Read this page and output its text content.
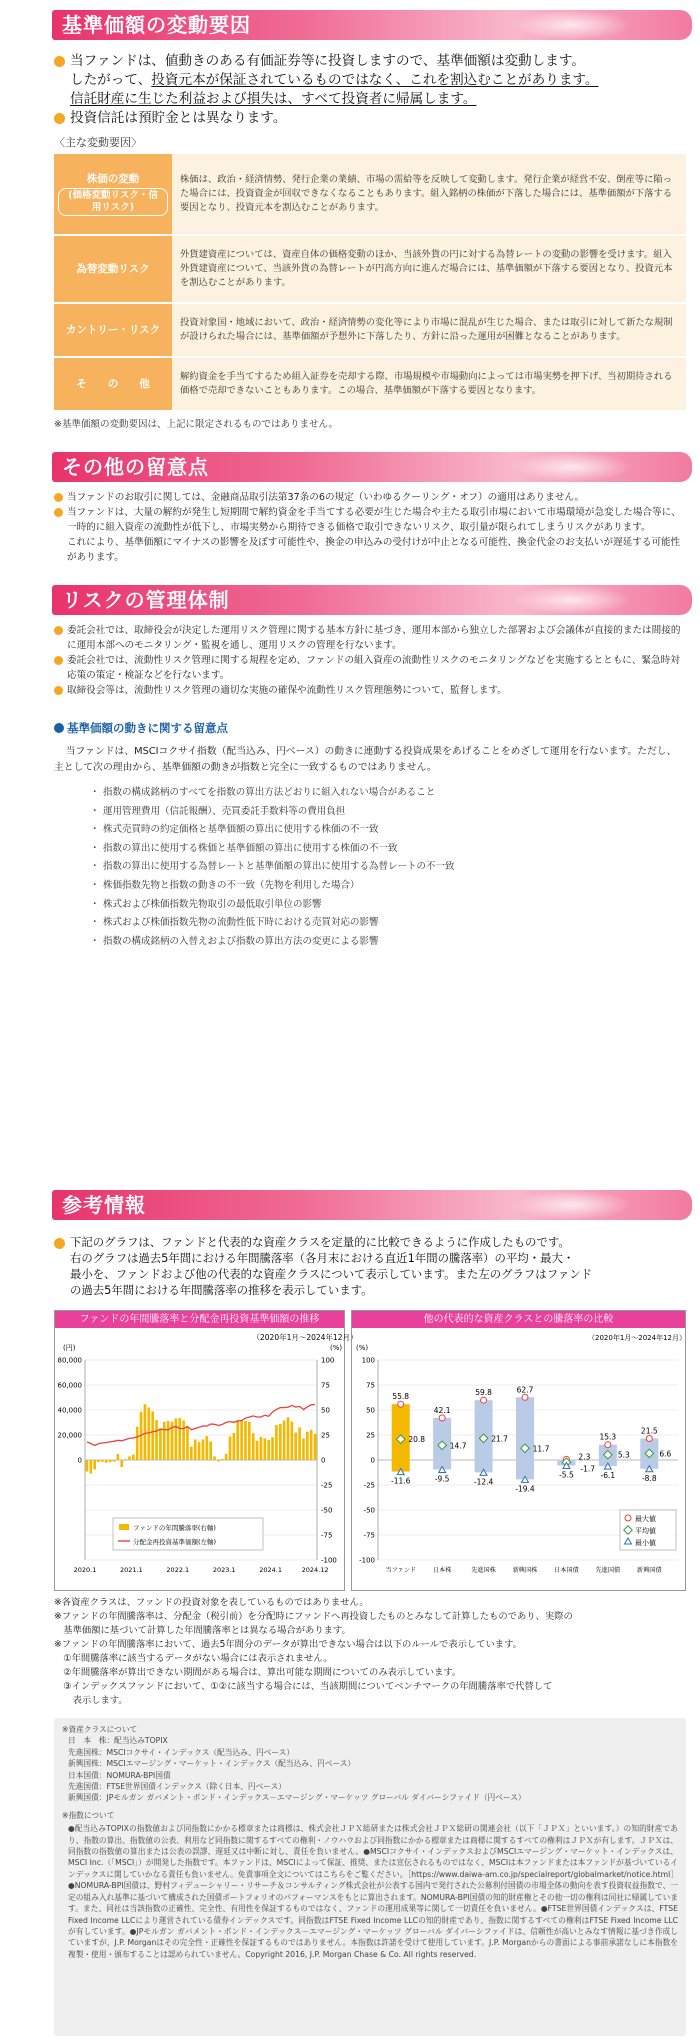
基準価額の変動要因

当ファンドは、値動きのある有価証券等に投資しますので、基準価額は変動します。

したがって、投資元本が保証されているものではなく、これを割込むことがあります。

信託財産に生じた利益および損失は、すべて投資者に帰属します。

投資信託は預貯金とは異なります。

〈主な変動要因〉
株価の変動
(価格変動リスク・信用リスク)	株価は、政治・経済情勢、発行企業の業績、市場の需給等を反映して変動します。発行企業が経営不安、倒産等に陥った場合には、投資資金が回収できなくなることもあります。組入銘柄の株価が下落した場合には、基準価額が下落する要因となり、投資元本を割込むことがあります。
為替変動リスク	外貨建資産については、資産自体の価格変動のほか、当該外貨の円に対する為替レートの変動の影響を受けます。組入外貨建資産について、当該外貨の為替レートが円高方向に進んだ場合には、基準価額が下落する要因となり、投資元本を割込むことがあります。
カントリー・リスク	投資対象国・地域において、政治・経済情勢の変化等により市場に混乱が生じた場合、または取引に対して新たな規制が設けられた場合には、基準価額が予想外に下落したり、方針に沿った運用が困難となることがあります。
そ　　の　　他	解約資金を手当てするため組入証券を売却する際、市場規模や市場動向によっては市場実勢を押下げ、当初期待される価格で売却できないこともあります。この場合、基準価額が下落する要因となります。
※基準価額の変動要因は、上記に限定されるものではありません。
その他の留意点
当ファンドのお取引に関しては、金融商品取引法第37条の6の規定（いわゆるクーリング・オフ）の適用はありません。
当ファンドは、大量の解約が発生し短期間で解約資金を手当てする必要が生じた場合や主たる取引市場において市場環境が急変した場合等に、一時的に組入資産の流動性が低下し、市場実勢から期待できる価格で取引できないリスク、取引量が限られてしまうリスクがあります。
これにより、基準価額にマイナスの影響を及ぼす可能性や、換金の申込みの受付けが中止となる可能性、換金代金のお支払いが遅延する可能性があります。
リスクの管理体制
委託会社では、取締役会が決定した運用リスク管理に関する基本方針に基づき、運用本部から独立した部署および会議体が直接的または間接的に運用本部へのモニタリング・監視を通し、運用リスクの管理を行ないます。
委託会社では、流動性リスク管理に関する規程を定め、ファンドの組入資産の流動性リスクのモニタリングなどを実施するとともに、緊急時対応策の策定・検証などを行ないます。
取締役会等は、流動性リスク管理の適切な実施の確保や流動性リスク管理態勢について、監督します。
基準価額の動きに関する留意点
当ファンドは、MSCIコクサイ指数（配当込み、円ベース）の動きに連動する投資成果をあげることをめざして運用を行ないます。ただし、主として次の理由から、基準価額の動きが指数と完全に一致するものではありません。
・ 指数の構成銘柄のすべてを指数の算出方法どおりに組入れない場合があること
・ 運用管理費用（信託報酬）、売買委託手数料等の費用負担
・ 株式売買時の約定価格と基準価額の算出に使用する株価の不一致
・ 指数の算出に使用する株価と基準価額の算出に使用する株価の不一致
・ 指数の算出に使用する為替レートと基準価額の算出に使用する為替レートの不一致
・ 株価指数先物と指数の動きの不一致（先物を利用した場合）
・ 株式および株価指数先物取引の最低取引単位の影響
・ 株式および株価指数先物の流動性低下時における売買対応の影響
・ 指数の構成銘柄の入替えおよび指数の算出方法の変更による影響
参考情報

下記のグラフは、ファンドと代表的な資産クラスを定量的に比較できるように作成したものです。

右のグラフは過去5年間における年間騰落率（各月末における直近1年間の騰落率）の平均・最大・

最小を、ファンドおよび他の代表的な資産クラスについて表示しています。また左のグラフはファンド

の過去5年間における年間騰落率の推移を表示しています。

ファンドの年間騰落率と分配金再投資基準価額の推移
（2020年1月～2024年12月）
(円)	(%)
100
75
50
25
0
-25
-50
-75
-100
80,000
60,000
40,000
20,000
0
2020.1	2021.1	2022.1	2023.1	2024.1	2024.12
ファンドの年間騰落率(右軸)
分配金再投資基準価額(左軸)
他の代表的な資産クラスとの騰落率の比較
（2020年1月～2024年12月）
(%)
100
75
50
25
0
-25
-50
-75
-100
55.8
20.8
-11.6
当ファンド
42.1
14.7
-9.5
日本株
59.8
21.7
-12.4
先進国株
62.7
11.7
-19.4
新興国株
-5.5
日本国債
15.3
5.3
-6.1
先進国債
21.5
6.6
-8.8
新興国債
2.3
-1.7
最大値
平均値
最小値
※各資産クラスは、ファンドの投資対象を表しているものではありません。
※ファンドの年間騰落率は、分配金（税引前）を分配時にファンドへ再投資したものとみなして計算したものであり、実際の
　基準価額に基づいて計算した年間騰落率とは異なる場合があります。
※ファンドの年間騰落率において、過去5年間分のデータが算出できない場合は以下のルールで表示しています。
　①年間騰落率に該当するデータがない場合には表示されません。
　②年間騰落率が算出できない期間がある場合は、算出可能な期間についてのみ表示しています。
　③インデックスファンドにおいて、①②に該当する場合には、当該期間についてベンチマークの年間騰落率で代替して
　　表示します。
※資産クラスについて
日　本　株：配当込みTOPIX
先進国株：MSCIコクサイ・インデックス（配当込み、円ベース）
新興国株：MSCIエマージング・マーケット・インデックス（配当込み、円ベース）
日本国債：NOMURA-BPI国債
先進国債：FTSE世界国債インデックス（除く日本、円ベース）
新興国債：JPモルガン ガバメント・ボンド・インデックス－エマージング・マーケッツ グローバル ダイバーシファイド（円ベース）
※指数について
●配当込みTOPIXの指数値および同指数にかかる標章または商標は、株式会社ＪＰＸ総研または株式会社ＪＰＸ総研の関連会社（以下「ＪＰＸ」といいます。）の知的財産であり、指数の算出、指数値の公表、利用など同指数に関するすべての権利・ノウハウおよび同指数にかかる標章または商標に関するすべての権利はＪＰＸが有します。ＪＰＸは、同指数の指数値の算出または公表の誤謬、遅延又は中断に対し、責任を負いません。●MSCIコクサイ・インデックスおよびMSCIエマージング・マーケット・インデックスは、MSCI Inc.（「MSCI」）が開発した指数です。本ファンドは、MSCIによって保証、推奨、または宣伝されるものではなく、MSCIは本ファンドまたは本ファンドが基づいているインデックスに関していかなる責任も負いません。免責事項全文についてはこちらをご覧ください。［https://www.daiwa-am.co.jp/specialreport/globalmarket/notice.html］●NOMURA-BPI国債は、野村フィデューシャリー・リサーチ＆コンサルティング株式会社が公表する国内で発行された公募利付国債の市場全体の動向を表す投資収益指数で、一定の組み入れ基準に基づいて構成された国債ポートフォリオのパフォーマンスをもとに算出されます。NOMURA-BPI国債の知的財産権とその他一切の権利は同社に帰属しています。また、同社は当該指数の正確性、完全性、有用性を保証するものではなく、ファンドの運用成果等に関して一切責任を負いません。●FTSE世界国債インデックスは、FTSE Fixed Income LLCにより運営されている債券インデックスです。同指数はFTSE Fixed Income LLCの知的財産であり、指数に関するすべての権利はFTSE Fixed Income LLCが有しています。●JPモルガン ガバメント・ボンド・インデックス－エマージング・マーケッツ グローバル ダイバーシファイドは、信頼性が高いとみなす情報に基づき作成していますが、J.P. Morganはその完全性・正確性を保証するものではありません。本指数は許諾を受けて使用しています。J.P. Morganからの書面による事前承諾なしに本指数を複製・使用・頒布することは認められていません。Copyright 2016, J.P. Morgan Chase & Co. All rights reserved.
